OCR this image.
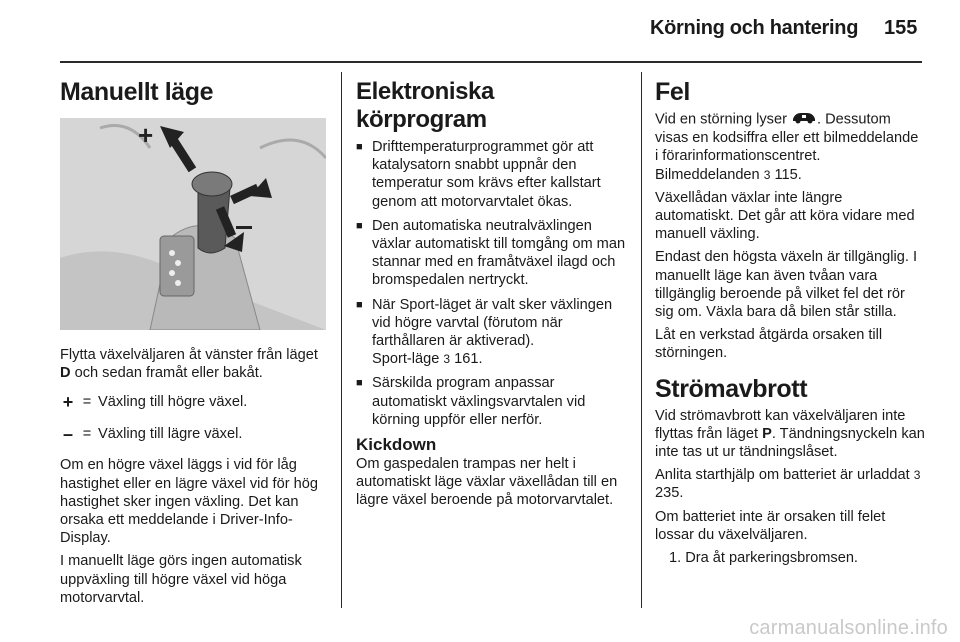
Körning och hantering 155
Manuellt läge
+

Flytta växelväljaren åt vänster från läget D och sedan framåt eller bakåt.

+ = Växling till högre växel.
– = Växling till lägre växel.

Om en högre växel läggs i vid för låg hastighet eller en lägre växel vid för hög hastighet sker ingen växling. Det kan orsaka ett meddelande i Driver-Info-Display.

I manuellt läge görs ingen automatisk uppväxling till högre växel vid höga motorvarvtal.

Elektroniska körprogram
■ Drifttemperaturprogrammet gör att katalysatorn snabbt uppnår den temperatur som krävs efter kallstart genom att motorvarvtalet ökas.
■ Den automatiska neutralväxlingen växlar automatiskt till tomgång om man stannar med en framåtväxel ilagd och bromspedalen nertryckt.
■ När Sport-läget är valt sker växlingen vid högre varvtal (förutom när farthållaren är aktiverad).
Sport-läge 3 161.
■ Särskilda program anpassar automatiskt växlingsvarvtalen vid körning uppför eller nerför.
Kickdown

Om gaspedalen trampas ner helt i automatiskt läge växlar växellådan till en lägre växel beroende på motorvarvtalet.

Fel

Vid en störning lyser . Dessutom visas en kodsiffra eller ett bilmeddelande i förarinformationscentret. Bilmeddelanden 3 115.

Växellådan växlar inte längre automatiskt. Det går att köra vidare med manuell växling.

Endast den högsta växeln är tillgänglig. I manuellt läge kan även tvåan vara tillgänglig beroende på vilket fel det rör sig om. Växla bara då bilen står stilla.

Låt en verkstad åtgärda orsaken till störningen.

Strömavbrott

Vid strömavbrott kan växelväljaren inte flyttas från läget P. Tändningsnyckeln kan inte tas ut ur tändningslåset.

Anlita starthjälp om batteriet är urladdat 3 235.

Om batteriet inte är orsaken till felet lossar du växelväljaren.

1. Dra åt parkeringsbromsen.
carmanualsonline.info
